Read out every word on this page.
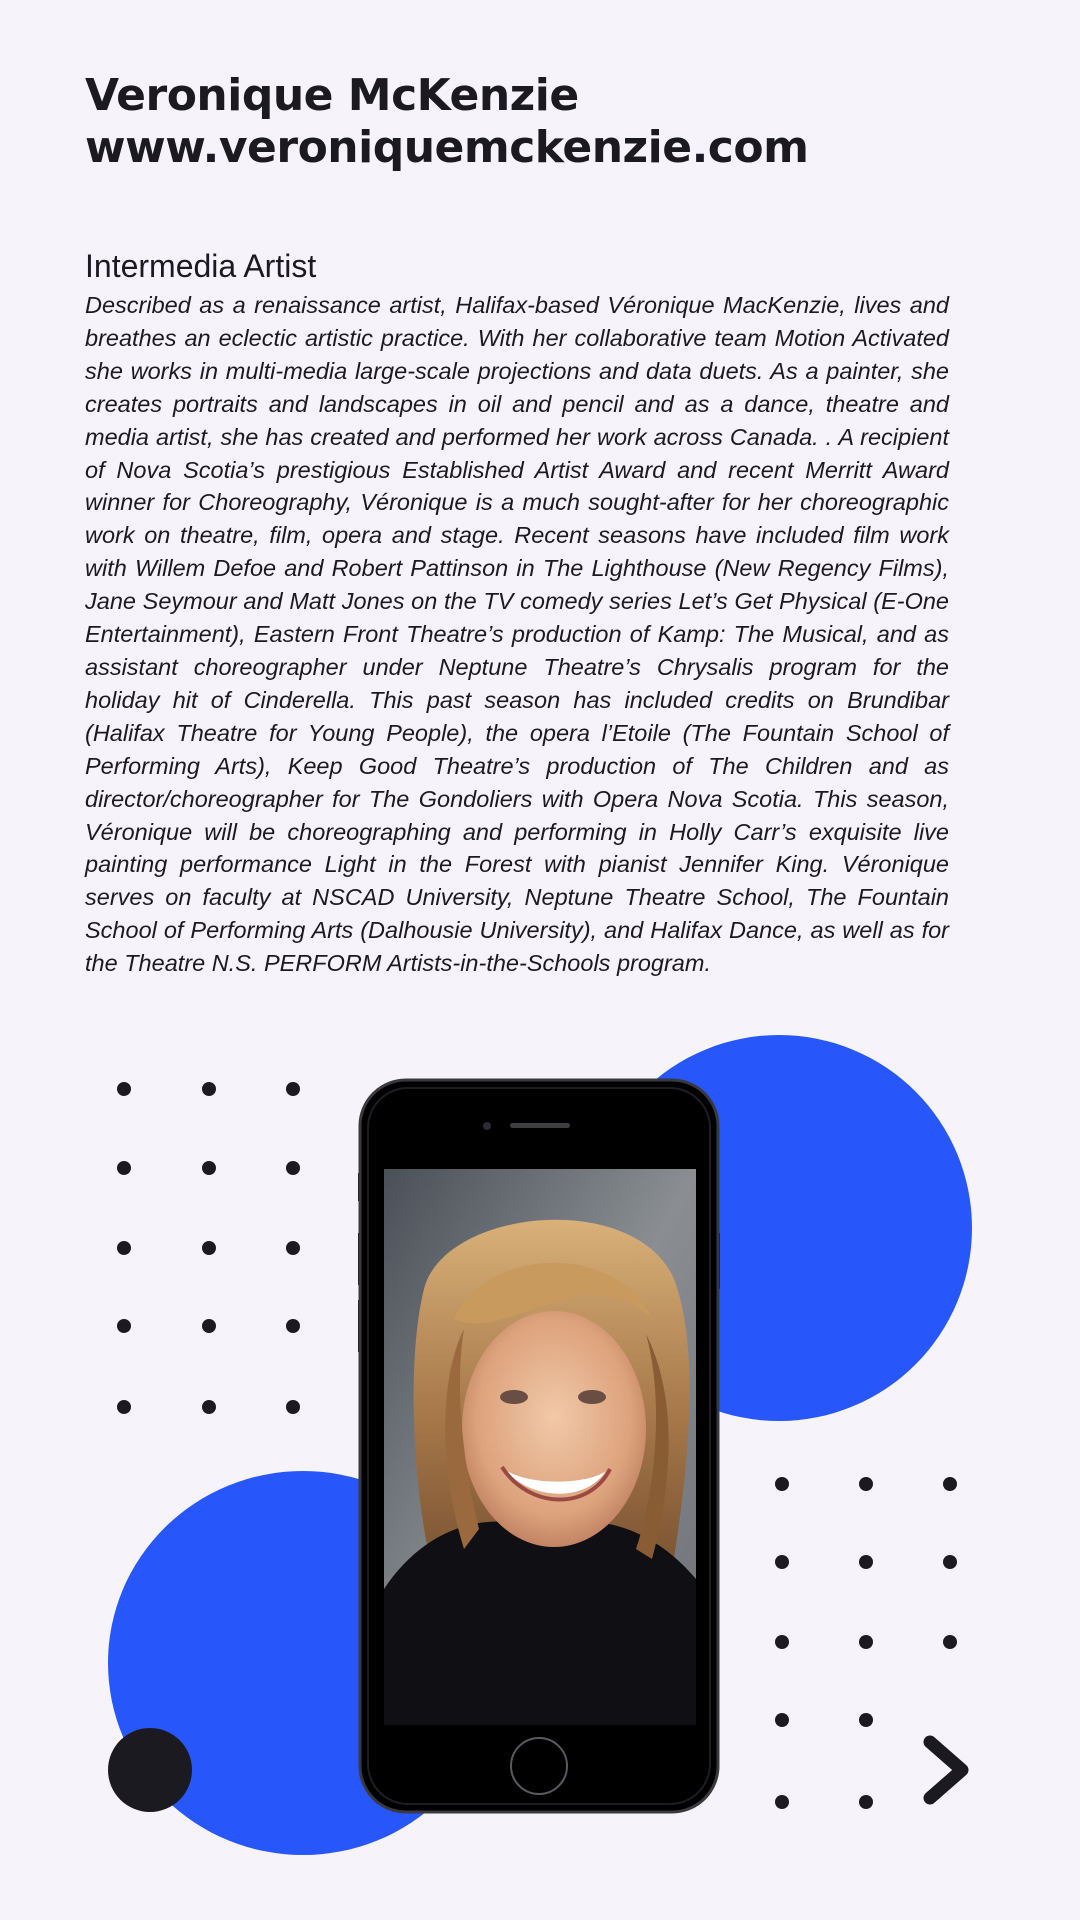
Veronique McKenzie
www.veroniquemckenzie.com
Intermedia Artist

Described as a renaissance artist, Halifax-based Véronique MacKenzie, lives and breathes an eclectic artistic practice. With her collaborative team Motion Activated she works in multi-media large-scale projections and data duets. As a painter, she creates portraits and landscapes in oil and pencil and as a dance, theatre and media artist, she has created and performed her work across Canada. . A recipient of Nova Scotia’s prestigious Established Artist Award and recent Merritt Award winner for Choreography, Véronique is a much sought-after for her choreographic work on theatre, film, opera and stage. Recent seasons have included film work with Willem Defoe and Robert Pattinson in The Lighthouse (New Regency Films), Jane Seymour and Matt Jones on the TV comedy series Let’s Get Physical (E-One Entertainment), Eastern Front Theatre’s production of Kamp: The Musical, and as assistant choreographer under Neptune Theatre’s Chrysalis program for the holiday hit of Cinderella. This past season has included credits on Brundibar (Halifax Theatre for Young People), the opera l’Etoile (The Fountain School of Performing Arts), Keep Good Theatre’s production of The Children and as director/choreographer for The Gondoliers with Opera Nova Scotia. This season, Véronique will be choreographing and performing in Holly Carr’s exquisite live painting performance Light in the Forest with pianist Jennifer King. Véronique serves on faculty at NSCAD University, Neptune Theatre School, The Fountain School of Performing Arts (Dalhousie University), and Halifax Dance, as well as for the Theatre N.S. PERFORM Artists-in-the-Schools program.
